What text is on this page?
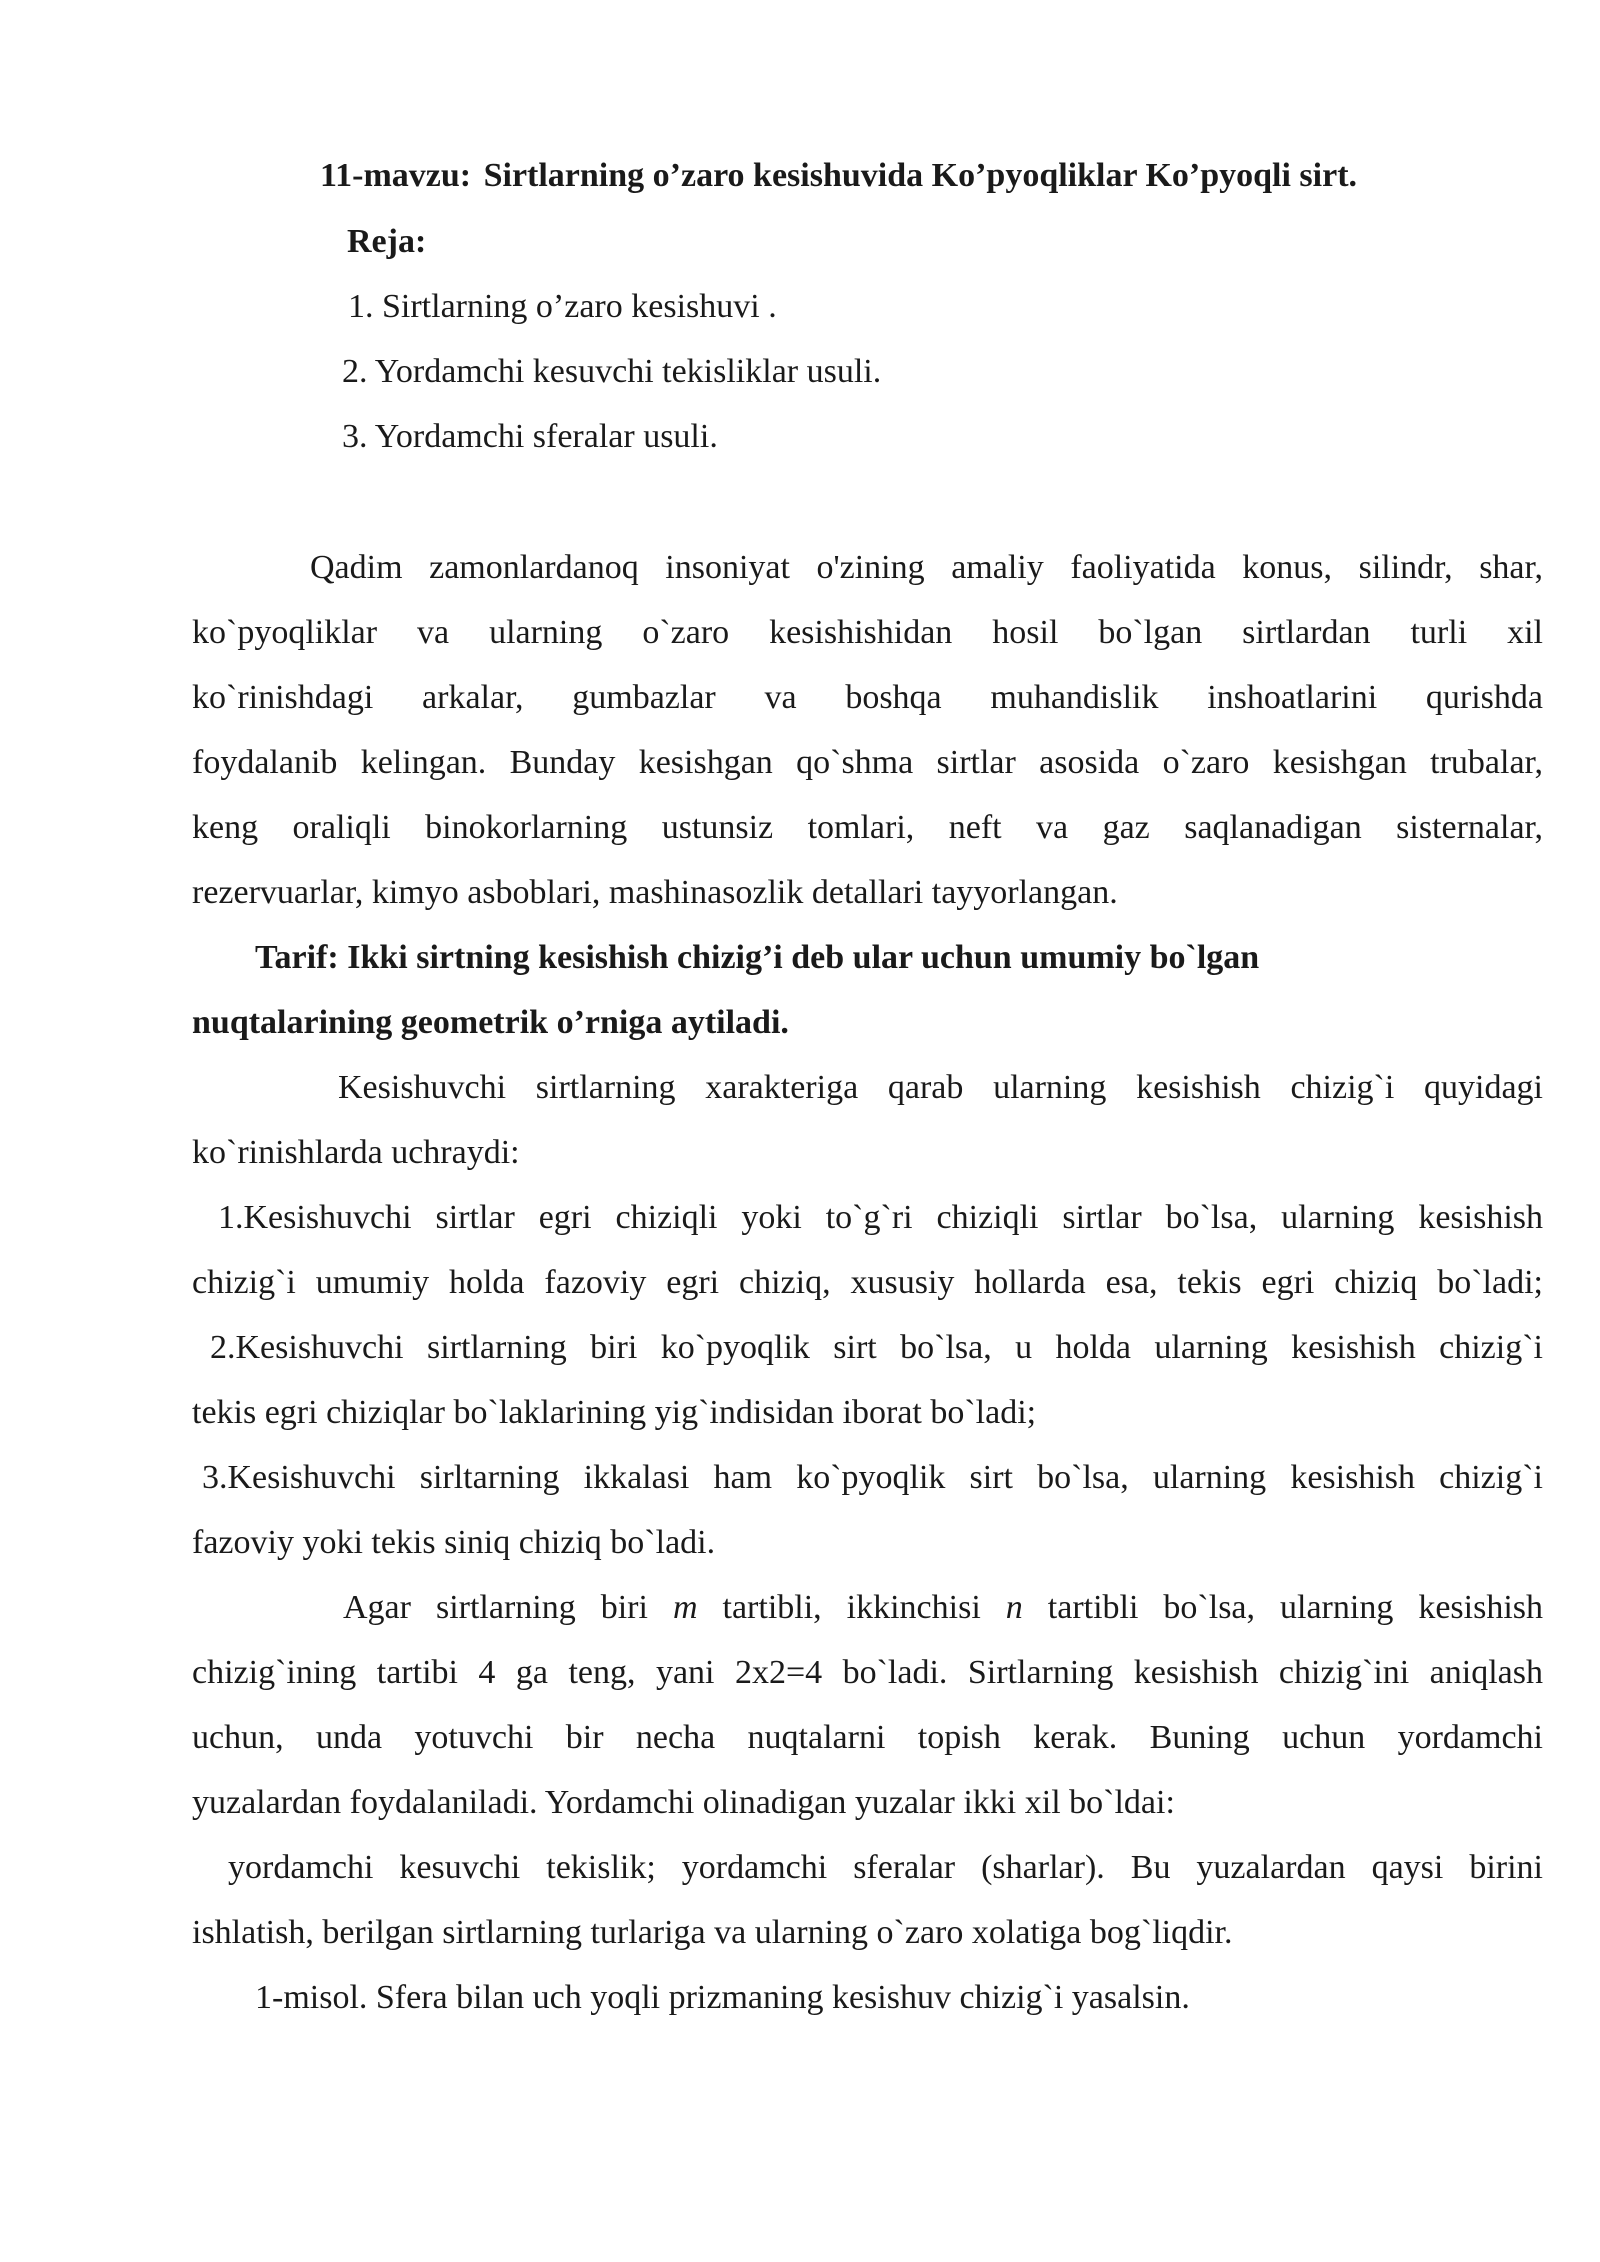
11-mavzu: Sirtlarning o’zaro kesishuvida Ko’pyoqliklar Ko’pyoqli sirt.
Reja:
1. Sirtlarning o’zaro kesishuvi .
2. Yordamchi kesuvchi tekisliklar usuli.
3. Yordamchi sferalar usuli.
Qadim zamonlardanoq insoniyat o'zining amaliy faoliyatida konus, silindr, shar,
ko`pyoqliklar va ularning o`zaro kesishishidan hosil bo`lgan sirtlardan turli xil
ko`rinishdagi arkalar, gumbazlar va boshqa muhandislik inshoatlarini qurishda
foydalanib kelingan. Bunday kesishgan qo`shma sirtlar asosida o`zaro kesishgan trubalar,
keng oraliqli binokorlarning ustunsiz tomlari, neft va gaz saqlanadigan sisternalar,
rezervuarlar, kimyo asboblari, mashinasozlik detallari tayyorlangan.
Tarif: Ikki sirtning kesishish chizig’i deb ular uchun umumiy bo`lgan
nuqtalarining geometrik o’rniga aytiladi.
Kesishuvchi sirtlarning xarakteriga qarab ularning kesishish chizig`i quyidagi
ko`rinishlarda uchraydi:
1.Kesishuvchi sirtlar egri chiziqli yoki to`g`ri chiziqli sirtlar bo`lsa, ularning kesishish
chizig`i umumiy holda fazoviy egri chiziq, xususiy hollarda esa, tekis egri chiziq bo`ladi;
2.Kesishuvchi sirtlarning biri ko`pyoqlik sirt bo`lsa, u holda ularning kesishish chizig`i
tekis egri chiziqlar bo`laklarining yig`indisidan iborat bo`ladi;
3.Kesishuvchi sirltarning ikkalasi ham ko`pyoqlik sirt bo`lsa, ularning kesishish chizig`i
fazoviy yoki tekis siniq chiziq bo`ladi.
Agar sirtlarning biri m tartibli, ikkinchisi n tartibli bo`lsa, ularning kesishish
chizig`ining tartibi 4 ga teng, yani 2x2=4 bo`ladi. Sirtlarning kesishish chizig`ini aniqlash
uchun, unda yotuvchi bir necha nuqtalarni topish kerak. Buning uchun yordamchi
yuzalardan foydalaniladi. Yordamchi olinadigan yuzalar ikki xil bo`ldai:
yordamchi kesuvchi tekislik; yordamchi sferalar (sharlar). Bu yuzalardan qaysi birini
ishlatish, berilgan sirtlarning turlariga va ularning o`zaro xolatiga bog`liqdir.
1-misol. Sfera bilan uch yoqli prizmaning kesishuv chizig`i yasalsin.
